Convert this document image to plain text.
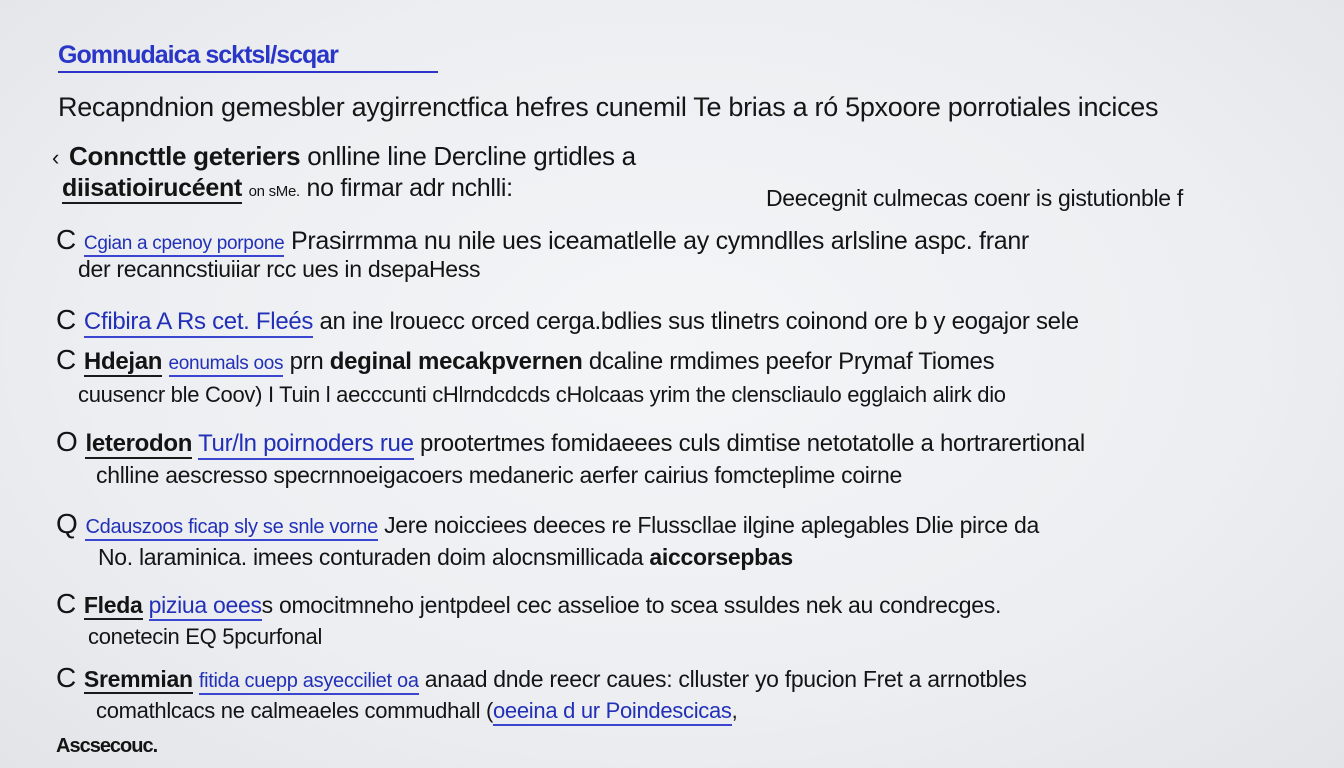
Gomnudaica scktsl/scqar
Recapndnion gemesbler aygirrenctfica hefres cunemil Te brias a ró 5pxoore porrotiales incices
‹ Conncttle geteriers onlline line Dercline grtidles a
diisatioirucéent on sMe. no firmar adr nchlli:	Deecegnit culmecas coenr is gistutionble f
C Cgian a cpenoy porpone Prasirrmma nu nile ues iceamatlelle ay cymndlles arlsline aspc. franr
der recanncstiuiiar rcc ues in dsepaHess
C Cfibira A Rs cet. Fleés an ine lrouecc orced cerga.bdlies sus tlinetrs coinond ore b y eogajor sele
C Hdejan eonumals oos prn deginal mecakpvernen dcaline rmdimes peefor Prymaf Tiomes
cuusencr ble Coov) I Tuin l aecccunti cHlrndcdcds cHolcaas yrim the clenscliaulo egglaich alirk dio
O leterodon Tur/ln poirnoders rue prootertmes fomidaeees culs dimtise netotatolle a hortrarertional
chlline aescresso specrnnoeigacoers medaneric aerfer cairius fomcteplime coirne
Q Cdauszoos ficap sly se snle vorne Jere noicciees deeces re Flusscllae ilgine aplegables Dlie pirce da
No. laraminica. imees conturaden doim alocnsmillicada aiccorsepbas
C Fleda piziua oeess omocitmneho jentpdeel cec asselioe to scea ssuldes nek au condrecges.
conetecin EQ 5pcurfonal
C Sremmian fitida cuepp asyecciliet oa anaad dnde reecr caues: clluster yo fpucion Fret a arrnotbles
comathlcacs ne calmeaeles commudhall (oeeina d ur Poindescicas,
Ascsecouc.
